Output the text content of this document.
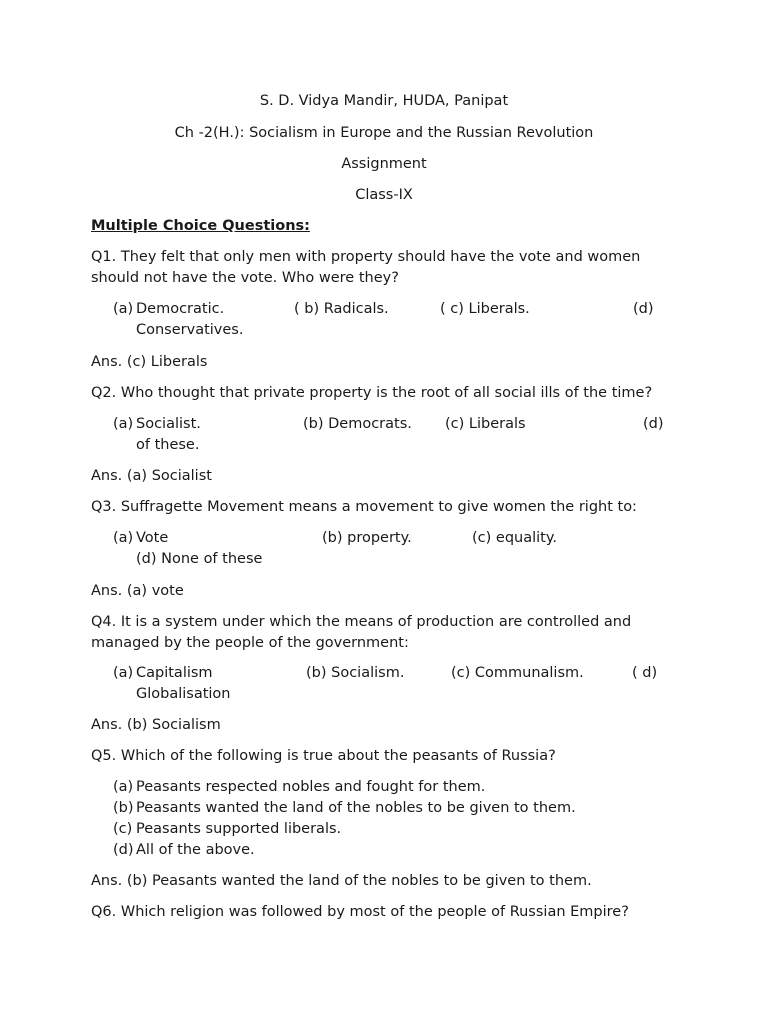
S. D. Vidya Mandir, HUDA, Panipat
Ch -2(H.): Socialism in Europe and the Russian Revolution
Assignment
Class-IX
Multiple Choice Questions:
Q1. They felt that only men with property should have the vote and women
should not have the vote. Who were they?
(a) Democratic.	( b) Radicals.	( c) Liberals.	(d)
Conservatives.
Ans. (c) Liberals
Q2. Who thought that private property is the root of all social ills of the time?
(a) Socialist.	(b) Democrats. (c) Liberals	(d)
of these.
Ans. (a) Socialist
Q3. Suffragette Movement means a movement to give women the right to:
(a) Vote	(b) property.	(c) equality.
(d) None of these
Ans. (a) vote
Q4. It is a system under which the means of production are controlled and
managed by the people of the government:
(a) Capitalism	(b) Socialism.	(c) Communalism.	( d)
Globalisation
Ans. (b) Socialism
Q5. Which of the following is true about the peasants of Russia?
(a) Peasants respected nobles and fought for them.
(b) Peasants wanted the land of the nobles to be given to them.
(c) Peasants supported liberals.
(d) All of the above.
Ans. (b) Peasants wanted the land of the nobles to be given to them.
Q6. Which religion was followed by most of the people of Russian Empire?
